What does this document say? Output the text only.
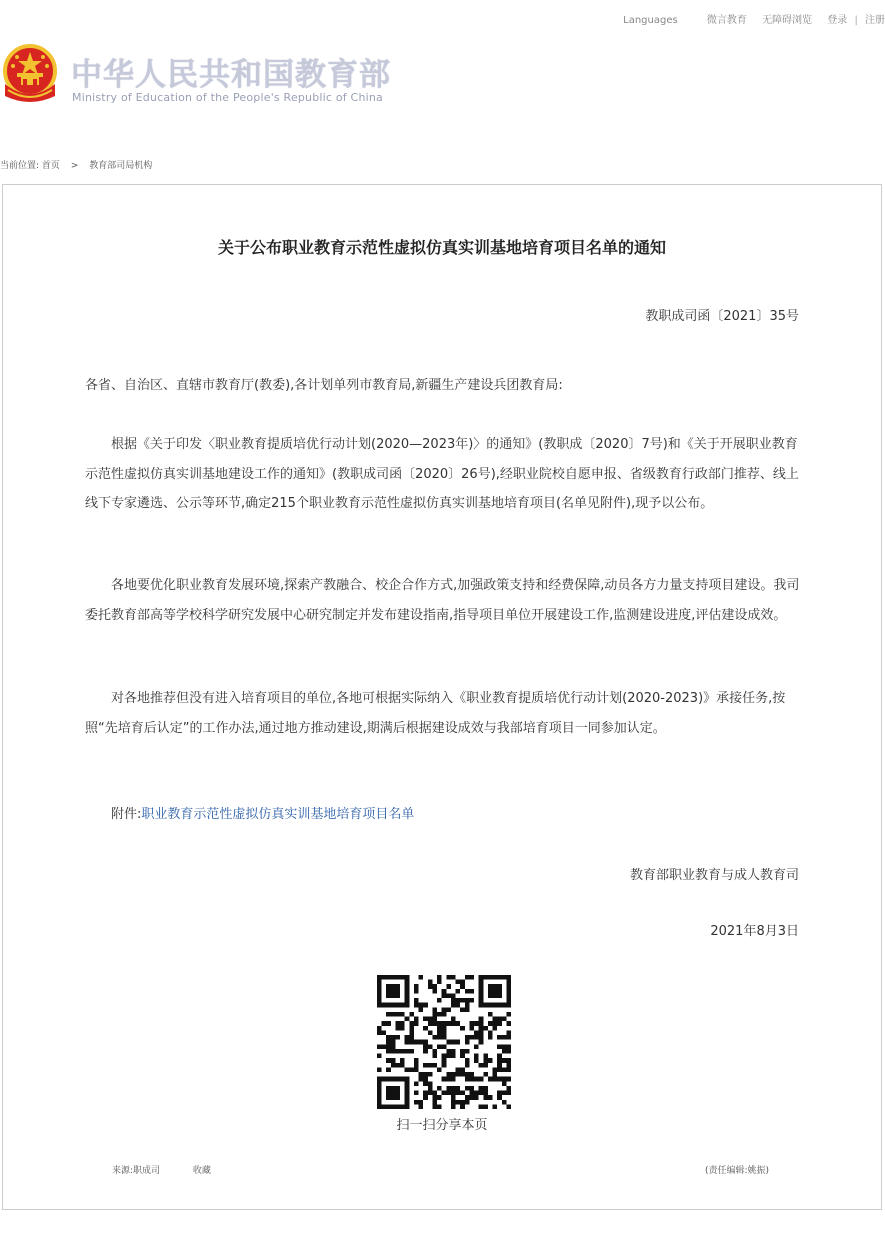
Languages	微言教育 无障碍浏览 登录 | 注册
中华人民共和国教育部
Ministry of Education of the People's Republic of China
当前位置: 首页 > 教育部司局机构
关于公布职业教育示范性虚拟仿真实训基地培育项目名单的通知
教职成司函〔2021〕35号

各省、自治区、直辖市教育厅(教委),各计划单列市教育局,新疆生产建设兵团教育局:

根据《关于印发〈职业教育提质培优行动计划(2020—2023年)〉的通知》(教职成〔2020〕7号)和《关于开展职业教育示范性虚拟仿真实训基地建设工作的通知》(教职成司函〔2020〕26号),经职业院校自愿申报、省级教育行政部门推荐、线上线下专家遴选、公示等环节,确定215个职业教育示范性虚拟仿真实训基地培育项目(名单见附件),现予以公布。

各地要优化职业教育发展环境,探索产教融合、校企合作方式,加强政策支持和经费保障,动员各方力量支持项目建设。我司委托教育部高等学校科学研究发展中心研究制定并发布建设指南,指导项目单位开展建设工作,监测建设进度,评估建设成效。

对各地推荐但没有进入培育项目的单位,各地可根据实际纳入《职业教育提质培优行动计划(2020-2023)》承接任务,按照“先培育后认定”的工作办法,通过地方推动建设,期满后根据建设成效与我部培育项目一同参加认定。

附件:职业教育示范性虚拟仿真实训基地培育项目名单

教育部职业教育与成人教育司
2021年8月3日
扫一扫分享本页
来源:职成司	收藏	(责任编辑:姚振)
